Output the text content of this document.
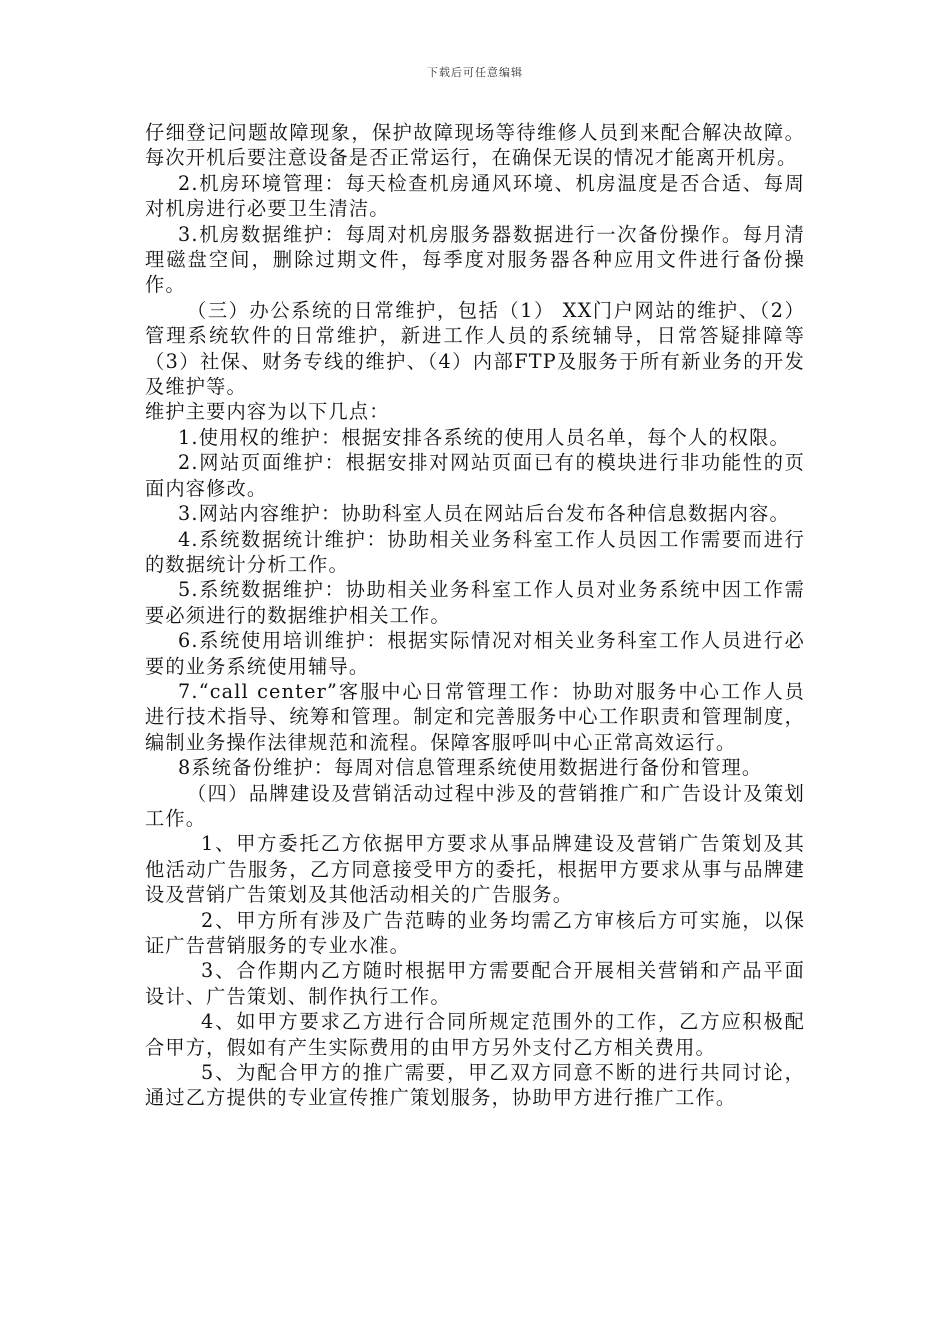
下载后可任意编辑

仔细登记问题故障现象，保护故障现场等待维修人员到来配合解决故障。每次开机后要注意设备是否正常运行，在确保无误的情况才能离开机房。

2.机房环境管理：每天检查机房通风环境、机房温度是否合适、每周对机房进行必要卫生清洁。

3.机房数据维护：每周对机房服务器数据进行一次备份操作。每月清理磁盘空间，删除过期文件，每季度对服务器各种应用文件进行备份操作。

（三）办公系统的日常维护，包括（1） XX门户网站的维护、（2）管理系统软件的日常维护，新进工作人员的系统辅导，日常答疑排障等（3）社保、财务专线的维护、（4）内部FTP及服务于所有新业务的开发及维护等。

维护主要内容为以下几点：

1.使用权的维护：根据安排各系统的使用人员名单，每个人的权限。

2.网站页面维护：根据安排对网站页面已有的模块进行非功能性的页面内容修改。

3.网站内容维护：协助科室人员在网站后台发布各种信息数据内容。

4.系统数据统计维护：协助相关业务科室工作人员因工作需要而进行的数据统计分析工作。

5.系统数据维护：协助相关业务科室工作人员对业务系统中因工作需要必须进行的数据维护相关工作。

6.系统使用培训维护：根据实际情况对相关业务科室工作人员进行必要的业务系统使用辅导。

7.“call center”客服中心日常管理工作：协助对服务中心工作人员进行技术指导、统筹和管理。制定和完善服务中心工作职责和管理制度，编制业务操作法律规范和流程。保障客服呼叫中心正常高效运行。

8系统备份维护：每周对信息管理系统使用数据进行备份和管理。

（四）品牌建设及营销活动过程中涉及的营销推广和广告设计及策划工作。

1、甲方委托乙方依据甲方要求从事品牌建设及营销广告策划及其他活动广告服务，乙方同意接受甲方的委托，根据甲方要求从事与品牌建设及营销广告策划及其他活动相关的广告服务。

2、甲方所有涉及广告范畴的业务均需乙方审核后方可实施，以保证广告营销服务的专业水准。

3、合作期内乙方随时根据甲方需要配合开展相关营销和产品平面设计、广告策划、制作执行工作。

4、如甲方要求乙方进行合同所规定范围外的工作，乙方应积极配合甲方，假如有产生实际费用的由甲方另外支付乙方相关费用。

5、为配合甲方的推广需要，甲乙双方同意不断的进行共同讨论，通过乙方提供的专业宣传推广策划服务，协助甲方进行推广工作。
